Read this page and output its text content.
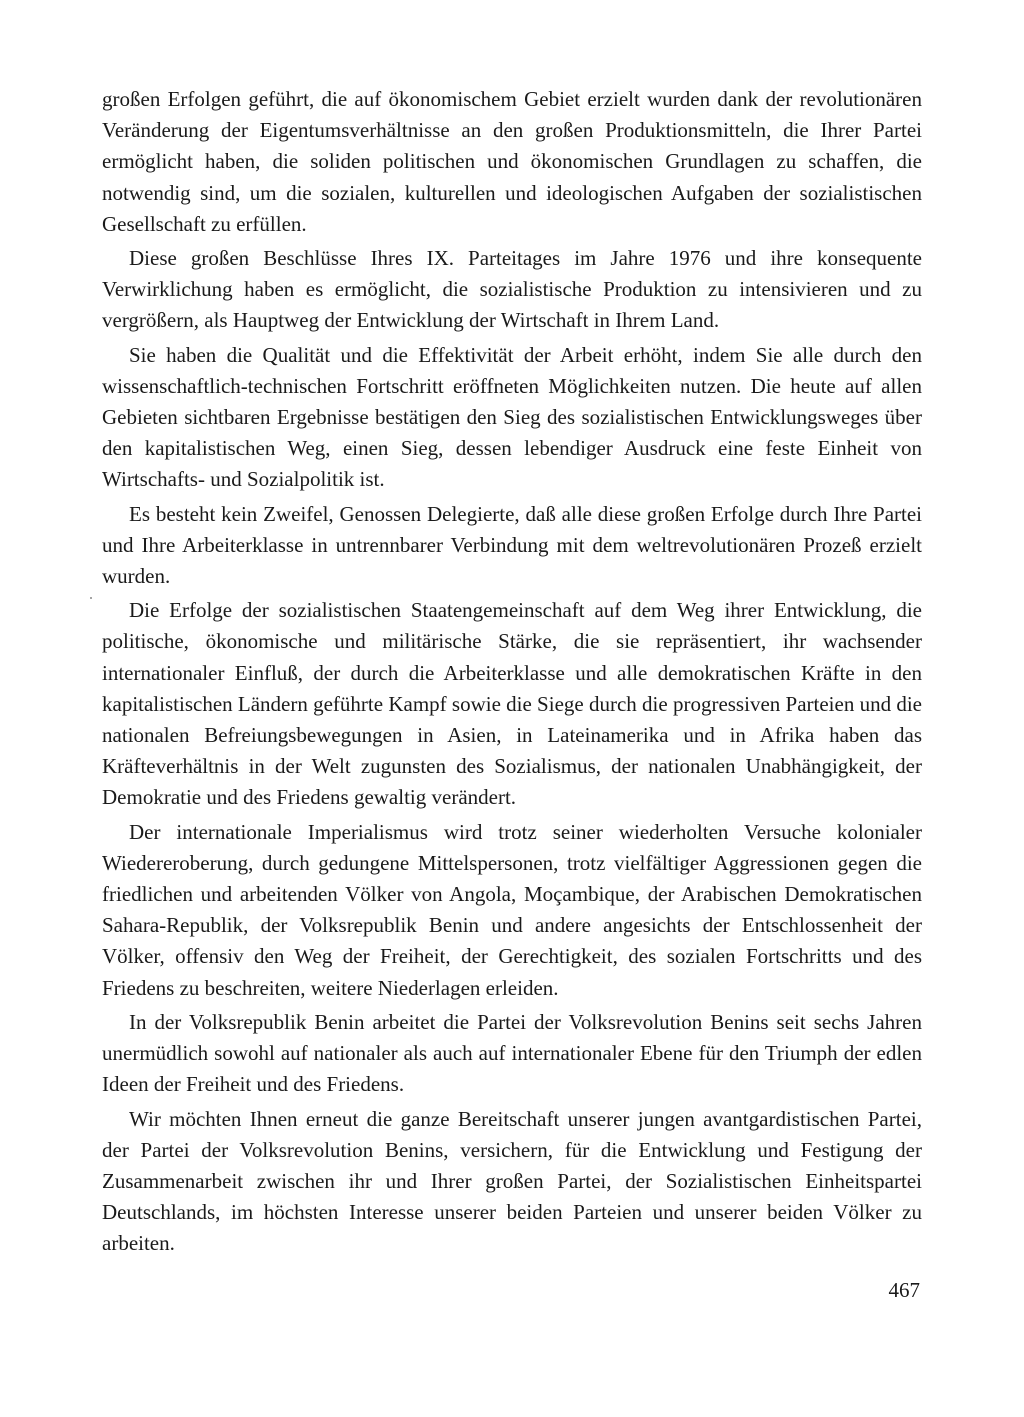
großen Erfolgen geführt, die auf ökonomischem Gebiet erzielt wurden dank der revolutionären Veränderung der Eigentumsverhältnisse an den großen Produktionsmitteln, die Ihrer Partei ermöglicht haben, die soliden politischen und ökonomischen Grundlagen zu schaffen, die notwendig sind, um die sozialen, kulturellen und ideologischen Aufgaben der sozialistischen Gesellschaft zu erfüllen.

Diese großen Beschlüsse Ihres IX. Parteitages im Jahre 1976 und ihre konsequente Verwirklichung haben es ermöglicht, die sozialistische Produktion zu intensivieren und zu vergrößern, als Hauptweg der Entwicklung der Wirtschaft in Ihrem Land.

Sie haben die Qualität und die Effektivität der Arbeit erhöht, indem Sie alle durch den wissenschaftlich-technischen Fortschritt eröffneten Möglichkeiten nutzen. Die heute auf allen Gebieten sichtbaren Ergebnisse bestätigen den Sieg des sozialistischen Entwicklungsweges über den kapitalistischen Weg, einen Sieg, dessen lebendiger Ausdruck eine feste Einheit von Wirtschafts- und Sozialpolitik ist.

Es besteht kein Zweifel, Genossen Delegierte, daß alle diese großen Erfolge durch Ihre Partei und Ihre Arbeiterklasse in untrennbarer Verbindung mit dem weltrevolutionären Prozeß erzielt wurden.

Die Erfolge der sozialistischen Staatengemeinschaft auf dem Weg ihrer Entwicklung, die politische, ökonomische und militärische Stärke, die sie repräsentiert, ihr wachsender internationaler Einfluß, der durch die Arbeiterklasse und alle demokratischen Kräfte in den kapitalistischen Ländern geführte Kampf sowie die Siege durch die progressiven Parteien und die nationalen Befreiungsbewegungen in Asien, in Lateinamerika und in Afrika haben das Kräfteverhältnis in der Welt zugunsten des Sozialismus, der nationalen Unabhängigkeit, der Demokratie und des Friedens gewaltig verändert.

Der internationale Imperialismus wird trotz seiner wiederholten Versuche kolonialer Wiedereroberung, durch gedungene Mittelspersonen, trotz vielfältiger Aggressionen gegen die friedlichen und arbeitenden Völker von Angola, Moçambique, der Arabischen Demokratischen Sahara-Republik, der Volksrepublik Benin und andere angesichts der Entschlossenheit der Völker, offensiv den Weg der Freiheit, der Gerechtigkeit, des sozialen Fortschritts und des Friedens zu beschreiten, weitere Niederlagen erleiden.

In der Volksrepublik Benin arbeitet die Partei der Volksrevolution Benins seit sechs Jahren unermüdlich sowohl auf nationaler als auch auf internationaler Ebene für den Triumph der edlen Ideen der Freiheit und des Friedens.

Wir möchten Ihnen erneut die ganze Bereitschaft unserer jungen avantgardistischen Partei, der Partei der Volksrevolution Benins, versichern, für die Entwicklung und Festigung der Zusammenarbeit zwischen ihr und Ihrer großen Partei, der Sozialistischen Einheitspartei Deutschlands, im höchsten Interesse unserer beiden Parteien und unserer beiden Völker zu arbeiten.

467
